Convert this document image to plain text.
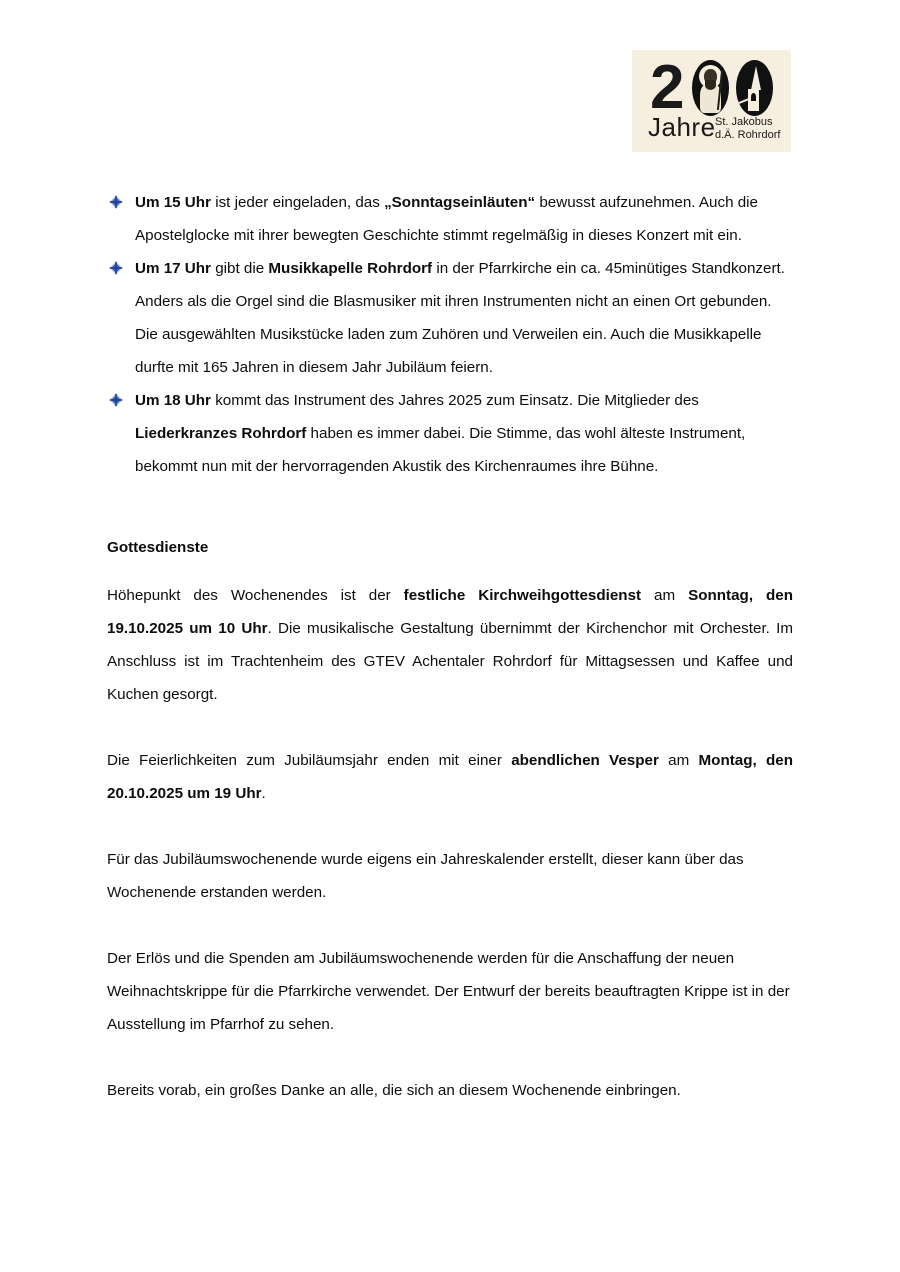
2
Jahre St. Jakobus
d.Ä. Rohrdorf
Um 15 Uhr ist jeder eingeladen, das „Sonntagseinläuten“ bewusst aufzunehmen. Auch die Apostelglocke mit ihrer bewegten Geschichte stimmt regelmäßig in dieses Konzert mit ein.
Um 17 Uhr gibt die Musikkapelle Rohrdorf in der Pfarrkirche ein ca. 45minütiges Standkonzert. Anders als die Orgel sind die Blasmusiker mit ihren Instrumenten nicht an einen Ort gebunden. Die ausgewählten Musikstücke laden zum Zuhören und Verweilen ein. Auch die Musikkapelle durfte mit 165 Jahren in diesem Jahr Jubiläum feiern.
Um 18 Uhr kommt das Instrument des Jahres 2025 zum Einsatz. Die Mitglieder des Liederkranzes Rohrdorf haben es immer dabei. Die Stimme, das wohl älteste Instrument, bekommt nun mit der hervorragenden Akustik des Kirchenraumes ihre Bühne.
Gottesdienste

Höhepunkt des Wochenendes ist der festliche Kirchweihgottesdienst am Sonntag, den 19.10.2025 um 10 Uhr. Die musikalische Gestaltung übernimmt der Kirchenchor mit Orchester. Im Anschluss ist im Trachtenheim des GTEV Achentaler Rohrdorf für Mittagsessen und Kaffee und Kuchen gesorgt.

Die Feierlichkeiten zum Jubiläumsjahr enden mit einer abendlichen Vesper am Montag, den 20.10.2025 um 19 Uhr.

Für das Jubiläumswochenende wurde eigens ein Jahreskalender erstellt, dieser kann über das Wochenende erstanden werden.

Der Erlös und die Spenden am Jubiläumswochenende werden für die Anschaffung der neuen Weihnachtskrippe für die Pfarrkirche verwendet. Der Entwurf der bereits beauftragten Krippe ist in der Ausstellung im Pfarrhof zu sehen.

Bereits vorab, ein großes Danke an alle, die sich an diesem Wochenende einbringen.
